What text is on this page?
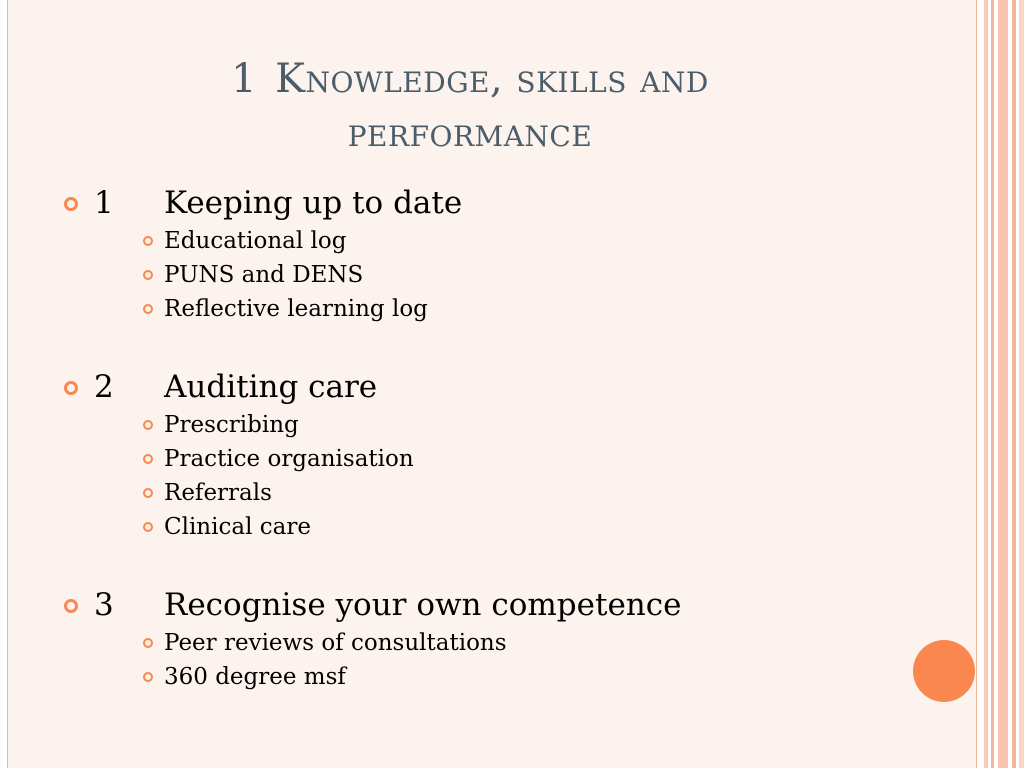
1 Knowledge, skills and
performance
1 Keeping up to date
Educational log
PUNS and DENS
Reflective learning log
2 Auditing care
Prescribing
Practice organisation
Referrals
Clinical care
3 Recognise your own competence
Peer reviews of consultations
360 degree msf
